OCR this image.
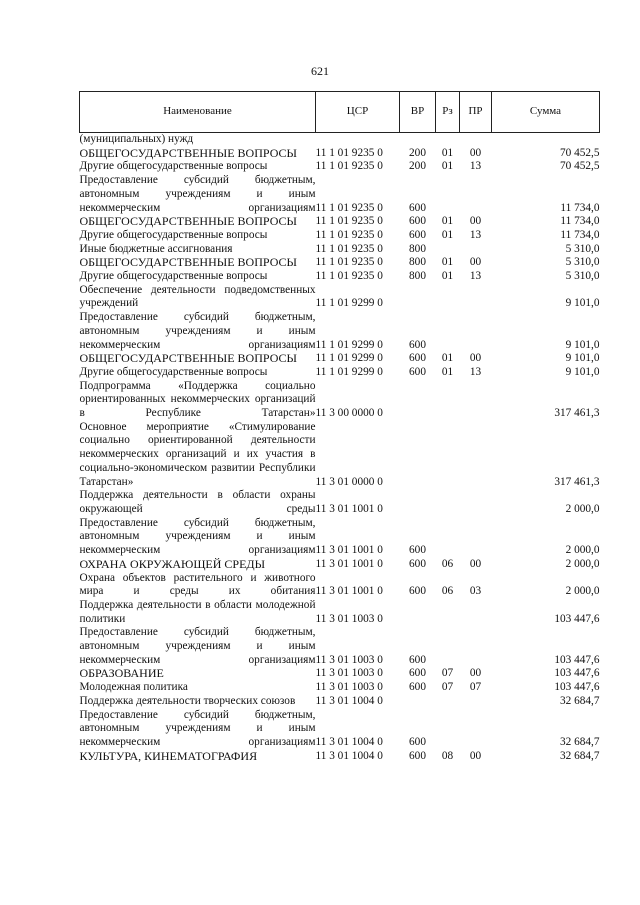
621
Наименование	ЦСР	ВР	Рз	ПР	Сумма
(муниципальных) нужд					
ОБЩЕГОСУДАРСТВЕННЫЕ ВОПРОСЫ	11 1 01 9235 0	200	01	00	70 452,5
Другие общегосударственные вопросы	11 1 01 9235 0	200	01	13	70 452,5
Предоставление субсидий бюджетным, автономным учреждениям и иным некоммерческим организациям	11 1 01 9235 0	600			11 734,0
ОБЩЕГОСУДАРСТВЕННЫЕ ВОПРОСЫ	11 1 01 9235 0	600	01	00	11 734,0
Другие общегосударственные вопросы	11 1 01 9235 0	600	01	13	11 734,0
Иные бюджетные ассигнования	11 1 01 9235 0	800			5 310,0
ОБЩЕГОСУДАРСТВЕННЫЕ ВОПРОСЫ	11 1 01 9235 0	800	01	00	5 310,0
Другие общегосударственные вопросы	11 1 01 9235 0	800	01	13	5 310,0
Обеспечение деятельности подведомственных учреждений	11 1 01 9299 0				9 101,0
Предоставление субсидий бюджетным, автономным учреждениям и иным некоммерческим организациям	11 1 01 9299 0	600			9 101,0
ОБЩЕГОСУДАРСТВЕННЫЕ ВОПРОСЫ	11 1 01 9299 0	600	01	00	9 101,0
Другие общегосударственные вопросы	11 1 01 9299 0	600	01	13	9 101,0
Подпрограмма «Поддержка социально ориентированных некоммерческих организаций в Республике Татарстан»	11 3 00 0000 0				317 461,3
Основное мероприятие «Стимулирование социально ориентированной деятельности некоммерческих организаций и их участия в социально-экономическом развитии Республики Татарстан»	11 3 01 0000 0				317 461,3
Поддержка деятельности в области охраны окружающей среды	11 3 01 1001 0				2 000,0
Предоставление субсидий бюджетным, автономным учреждениям и иным некоммерческим организациям	11 3 01 1001 0	600			2 000,0
ОХРАНА ОКРУЖАЮЩЕЙ СРЕДЫ	11 3 01 1001 0	600	06	00	2 000,0
Охрана объектов растительного и животного мира и среды их обитания	11 3 01 1001 0	600	06	03	2 000,0
Поддержка деятельности в области молодежной политики	11 3 01 1003 0				103 447,6
Предоставление субсидий бюджетным, автономным учреждениям и иным некоммерческим организациям	11 3 01 1003 0	600			103 447,6
ОБРАЗОВАНИЕ	11 3 01 1003 0	600	07	00	103 447,6
Молодежная политика	11 3 01 1003 0	600	07	07	103 447,6
Поддержка деятельности творческих союзов	11 3 01 1004 0				32 684,7
Предоставление субсидий бюджетным, автономным учреждениям и иным некоммерческим организациям	11 3 01 1004 0	600			32 684,7
КУЛЬТУРА, КИНЕМАТОГРАФИЯ	11 3 01 1004 0	600	08	00	32 684,7
